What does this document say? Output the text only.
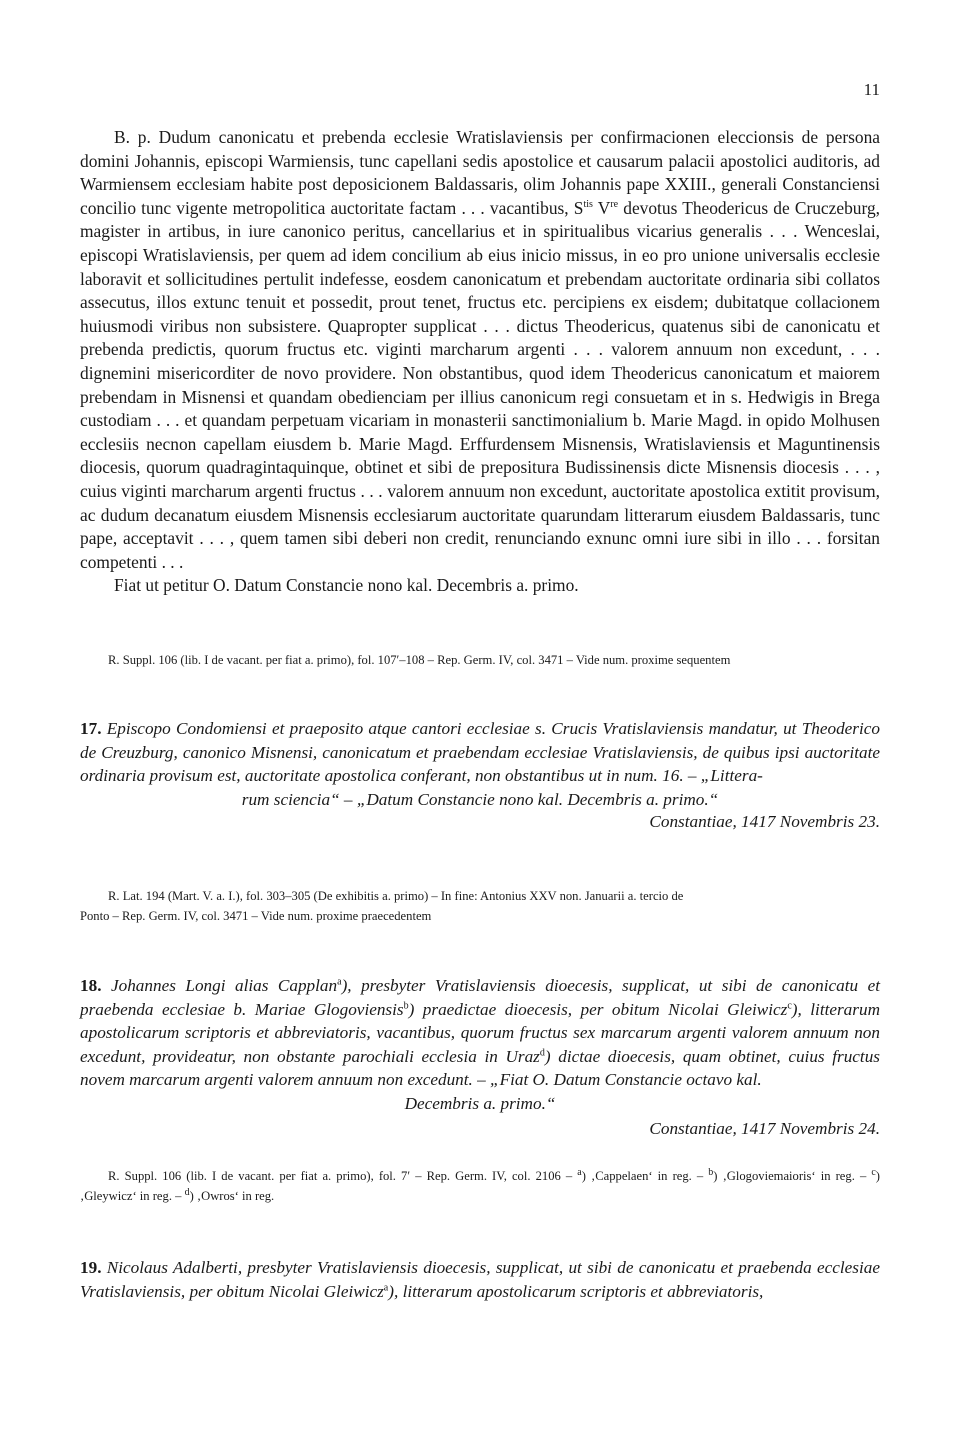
11

B. p. Dudum canonicatu et prebenda ecclesie Wratislaviensis per confirmacionen eleccionsis de persona domini Johannis, episcopi Warmiensis, tunc capellani sedis apostolice et causarum palacii apostolici auditoris, ad Warmiensem ecclesiam habite post deposicionem Baldassaris, olim Johannis pape XXIII., generali Constanciensi concilio tunc vigente metropolitica auctoritate factam . . . vacantibus, $S^{tis}$ Vre devotus Theodericus de Cruczeburg, magister in artibus, in iure canonico peritus, cancellarius et in spiritualibus vicarius generalis . . . Wenceslai, episcopi Wratislaviensis, per quem ad idem concilium ab eius inicio missus, in eo pro unione universalis ecclesie laboravit et sollicitudines pertulit indefesse, eosdem canonicatum et prebendam auctoritate ordinaria sibi collatos assecutus, illos extunc tenuit et possedit, prout tenet, fructus etc. percipiens ex eisdem; dubitatque collacionem huiusmodi viribus non subsistere. Quapropter supplicat . . . dictus Theodericus, quatenus sibi de canonicatu et prebenda predictis, quorum fructus etc. viginti marcharum argenti . . . valorem annuum non excedunt, . . . dignemini misericorditer de novo providere. Non obstantibus, quod idem Theodericus canonicatum et maiorem prebendam in Misnensi et quandam obedienciam per illius canonicum regi consuetam et in s. Hedwigis in Brega custodiam . . . et quandam perpetuam vicariam in monasterii sanctimonialium b. Marie Magd. in opido Molhusen ecclesiis necnon capellam eiusdem b. Marie Magd. Erffurdensem Misnensis, Wratislaviensis et Maguntinensis diocesis, quorum quadragintaquinque, obtinet et sibi de prepositura Budissinensis dicte Misnensis diocesis . . . , cuius viginti marcharum argenti fructus . . . valorem annuum non excedunt, auctoritate apostolica extitit provisum, ac dudum decanatum eiusdem Misnensis ecclesiarum auctoritate quarundam litterarum eiusdem Baldassaris, tunc pape, acceptavit . . . , quem tamen sibi deberi non credit, renunciando exnunc omni iure sibi in illo . . . forsitan competenti . . .

Fiat ut petitur O. Datum Constancie nono kal. Decembris a. primo.

R. Suppl. 106 (lib. I de vacant. per fiat a. primo), fol. 107′–108 – Rep. Germ. IV, col. 3471 – Vide num. proxime sequentem
17. Episcopo Condomiensi et praeposito atque cantori ecclesiae s. Crucis Vratislaviensis mandatur, ut Theoderico de Creuzburg, canonico Misnensi, canonicatum et praebendam ecclesiae Vratislaviensis, de quibus ipsi auctoritate ordinaria provisum est, auctoritate apostolica conferant, non obstantibus ut in num. 16. – „Littera-
rum sciencia“ – „Datum Constancie nono kal. Decembris a. primo.“
Constantiae, 1417 Novembris 23.
R. Lat. 194 (Mart. V. a. I.), fol. 303–305 (De exhibitis a. primo) – In fine: Antonius XXV non. Januarii a. tercio de
Ponto – Rep. Germ. IV, col. 3471 – Vide num. proxime praecedentem
18. Johannes Longi alias Capplan$^a$), presbyter Vratislaviensis dioecesis, supplicat, ut sibi de canonicatu et praebenda ecclesiae b. Mariae Glogoviensis$^b$) praedictae dioecesis, per obitum Nicolai Gleiwicz$^c$), litterarum apostolicarum scriptoris et abbreviatoris, vacantibus, quorum fructus sex marcarum argenti valorem annuum non excedunt, provideatur, non obstante parochiali ecclesia in Uraz$^d$) dictae dioecesis, quam obtinet, cuius fructus novem marcarum argenti valorem annuum non excedunt. – „Fiat O. Datum Constancie octavo kal.
Decembris a. primo.“
Constantiae, 1417 Novembris 24.
R. Suppl. 106 (lib. I de vacant. per fiat a. primo), fol. 7′ – Rep. Germ. IV, col. 2106 – $^a$) ‚Cappelaen‘ in reg. – $^b$) ‚Glogoviemaioris‘ in reg. – $^c$) ‚Gleywicz‘ in reg. – $^d$) ‚Owros‘ in reg.
19. Nicolaus Adalberti, presbyter Vratislaviensis dioecesis, supplicat, ut sibi de canonicatu et praebenda ecclesiae Vratislaviensis, per obitum Nicolai Gleiwicz$^a$), litterarum apostolicarum scriptoris et abbreviatoris,
